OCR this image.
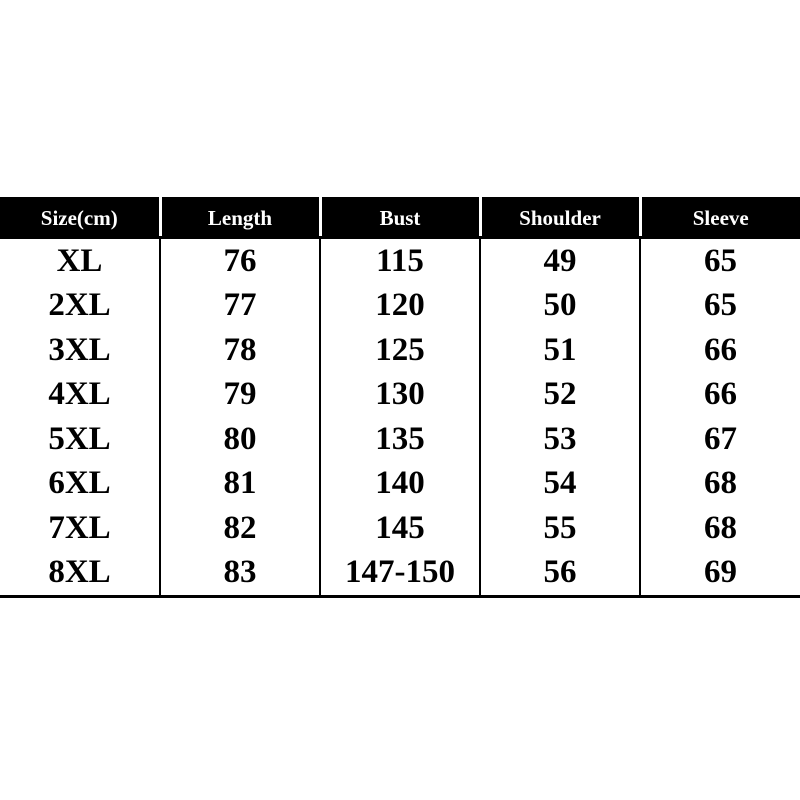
Size(cm)	Length	Bust	Shoulder	Sleeve
XL	76	115	49	65
2XL	77	120	50	65
3XL	78	125	51	66
4XL	79	130	52	66
5XL	80	135	53	67
6XL	81	140	54	68
7XL	82	145	55	68
8XL	83	147-150	56	69
